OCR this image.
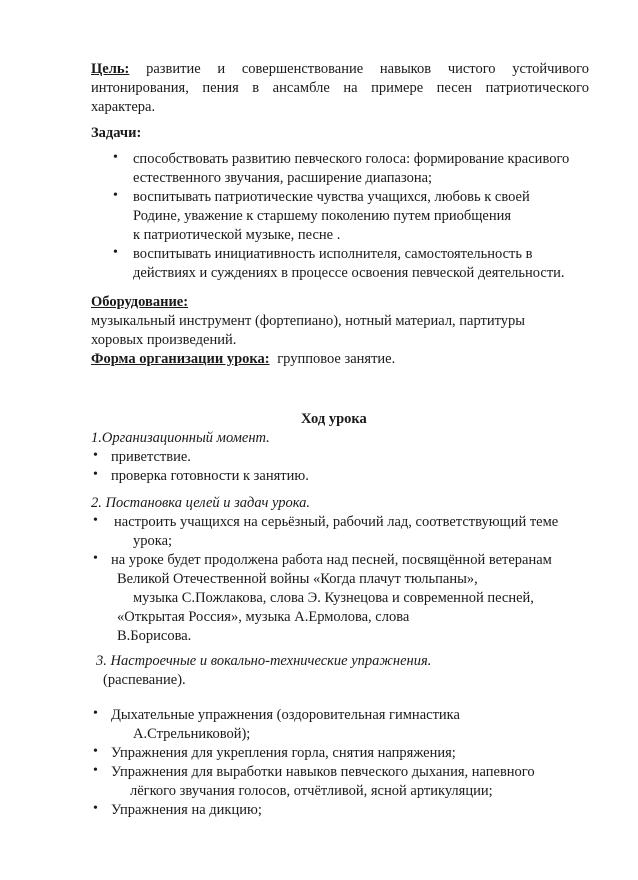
Цель: развитие и совершенствование навыков чистого устойчивого
интонирования, пения в ансамбле на примере песен патриотического
характера.
Задачи:
• способствовать развитию певческого голоса: формирование красивого
естественного звучания, расширение диапазона;
• воспитывать патриотические чувства учащихся, любовь к своей
Родине, уважение к старшему поколению путем приобщения
к патриотической музыке, песне .
• воспитывать инициативность исполнителя, самостоятельность в
действиях и суждениях в процессе освоения певческой деятельности.
Оборудование:
музыкальный инструмент (фортепиано), нотный материал, партитуры
хоровых произведений.
Форма организации урока: групповое занятие.
Ход урока
1.Организационный момент.
• приветствие.
• проверка готовности к занятию.
2. Постановка целей и задач урока.
• настроить учащихся на серьёзный, рабочий лад, соответствующий теме
урока;
• на уроке будет продолжена работа над песней, посвящённой ветеранам
Великой Отечественной войны «Когда плачут тюльпаны»,
музыка С.Пожлакова, слова Э. Кузнецова и современной песней,
«Открытая Россия», музыка А.Ермолова, слова
В.Борисова.
3. Настроечные и вокально-технические упражнения.
(распевание).
• Дыхательные упражнения (оздоровительная гимнастика
А.Стрельниковой);
• Упражнения для укрепления горла, снятия напряжения;
• Упражнения для выработки навыков певческого дыхания, напевного
лёгкого звучания голосов, отчётливой, ясной артикуляции;
• Упражнения на дикцию;
